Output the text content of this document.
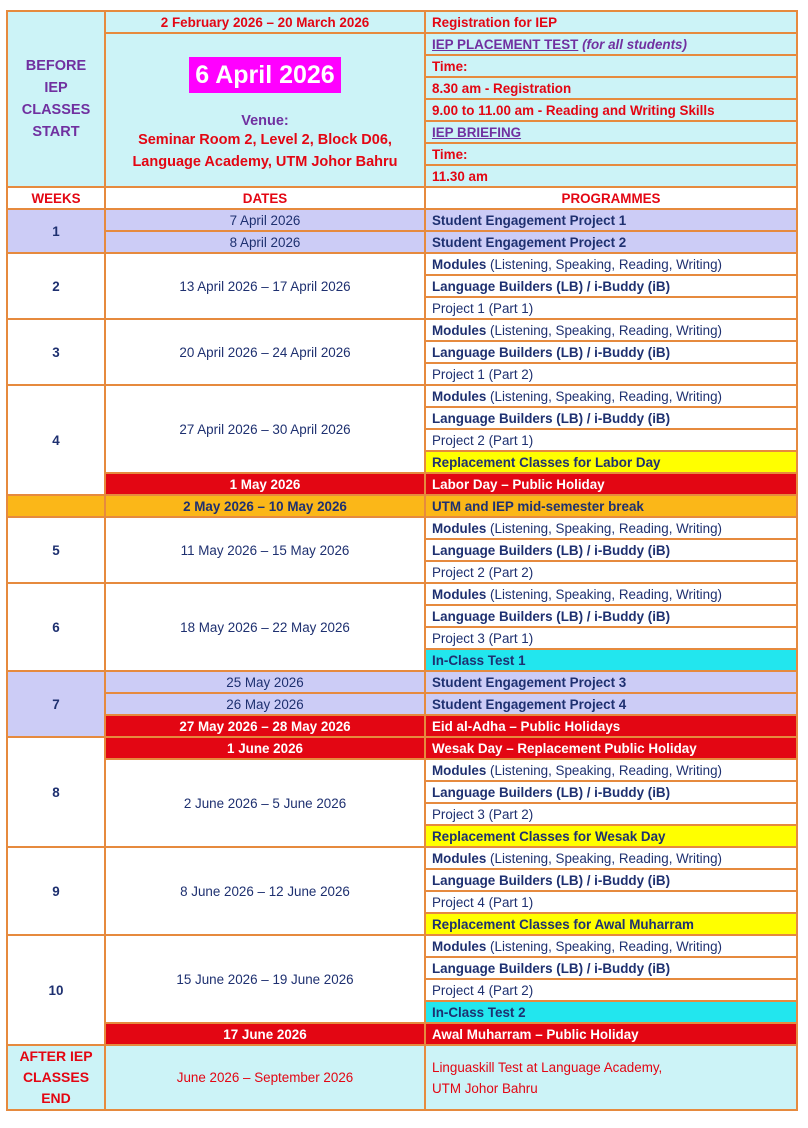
BEFORE
IEP
CLASSES
START	2 February 2026 – 20 March 2026	Registration for IEP

6 April 2026
Venue:
Seminar Room 2, Level 2, Block D06,
Language Academy, UTM Johor Bahru	IEP PLACEMENT TEST (for all students)
		Time:
		8.30 am - Registration
		9.00 to 11.00 am - Reading and Writing Skills
		IEP BRIEFING
		Time:
		11.30 am
WEEKS	DATES	PROGRAMMES
1	7 April 2026	Student Engagement Project 1
	8 April 2026	Student Engagement Project 2
2	13 April 2026 – 17 April 2026	Modules (Listening, Speaking, Reading, Writing)
		Language Builders (LB) / i-Buddy (iB)
		Project 1 (Part 1)
3	20 April 2026 – 24 April 2026	Modules (Listening, Speaking, Reading, Writing)
		Language Builders (LB) / i-Buddy (iB)
		Project 1 (Part 2)
4	27 April 2026 – 30 April 2026	Modules (Listening, Speaking, Reading, Writing)
		Language Builders (LB) / i-Buddy (iB)
		Project 2 (Part 1)
		Replacement Classes for Labor Day
	1 May 2026	Labor Day – Public Holiday
	2 May 2026 – 10 May 2026	UTM and IEP mid-semester break
5	11 May 2026 – 15 May 2026	Modules (Listening, Speaking, Reading, Writing)
		Language Builders (LB) / i-Buddy (iB)
		Project 2 (Part 2)
6	18 May 2026 – 22 May 2026	Modules (Listening, Speaking, Reading, Writing)
		Language Builders (LB) / i-Buddy (iB)
		Project 3 (Part 1)
		In-Class Test 1
7	25 May 2026	Student Engagement Project 3
	26 May 2026	Student Engagement Project 4
	27 May 2026 – 28 May 2026	Eid al-Adha – Public Holidays
8	1 June 2026	Wesak Day – Replacement Public Holiday
	2 June 2026 – 5 June 2026	Modules (Listening, Speaking, Reading, Writing)
		Language Builders (LB) / i-Buddy (iB)
		Project 3 (Part 2)
		Replacement Classes for Wesak Day
9	8 June 2026 – 12 June 2026	Modules (Listening, Speaking, Reading, Writing)
		Language Builders (LB) / i-Buddy (iB)
		Project 4 (Part 1)
		Replacement Classes for Awal Muharram
10	15 June 2026 – 19 June 2026	Modules (Listening, Speaking, Reading, Writing)
		Language Builders (LB) / i-Buddy (iB)
		Project 4 (Part 2)
		In-Class Test 2
	17 June 2026	Awal Muharram – Public Holiday

AFTER IEP
CLASSES
END	June 2026 – September 2026	Linguaskill Test at Language Academy,
UTM Johor Bahru
